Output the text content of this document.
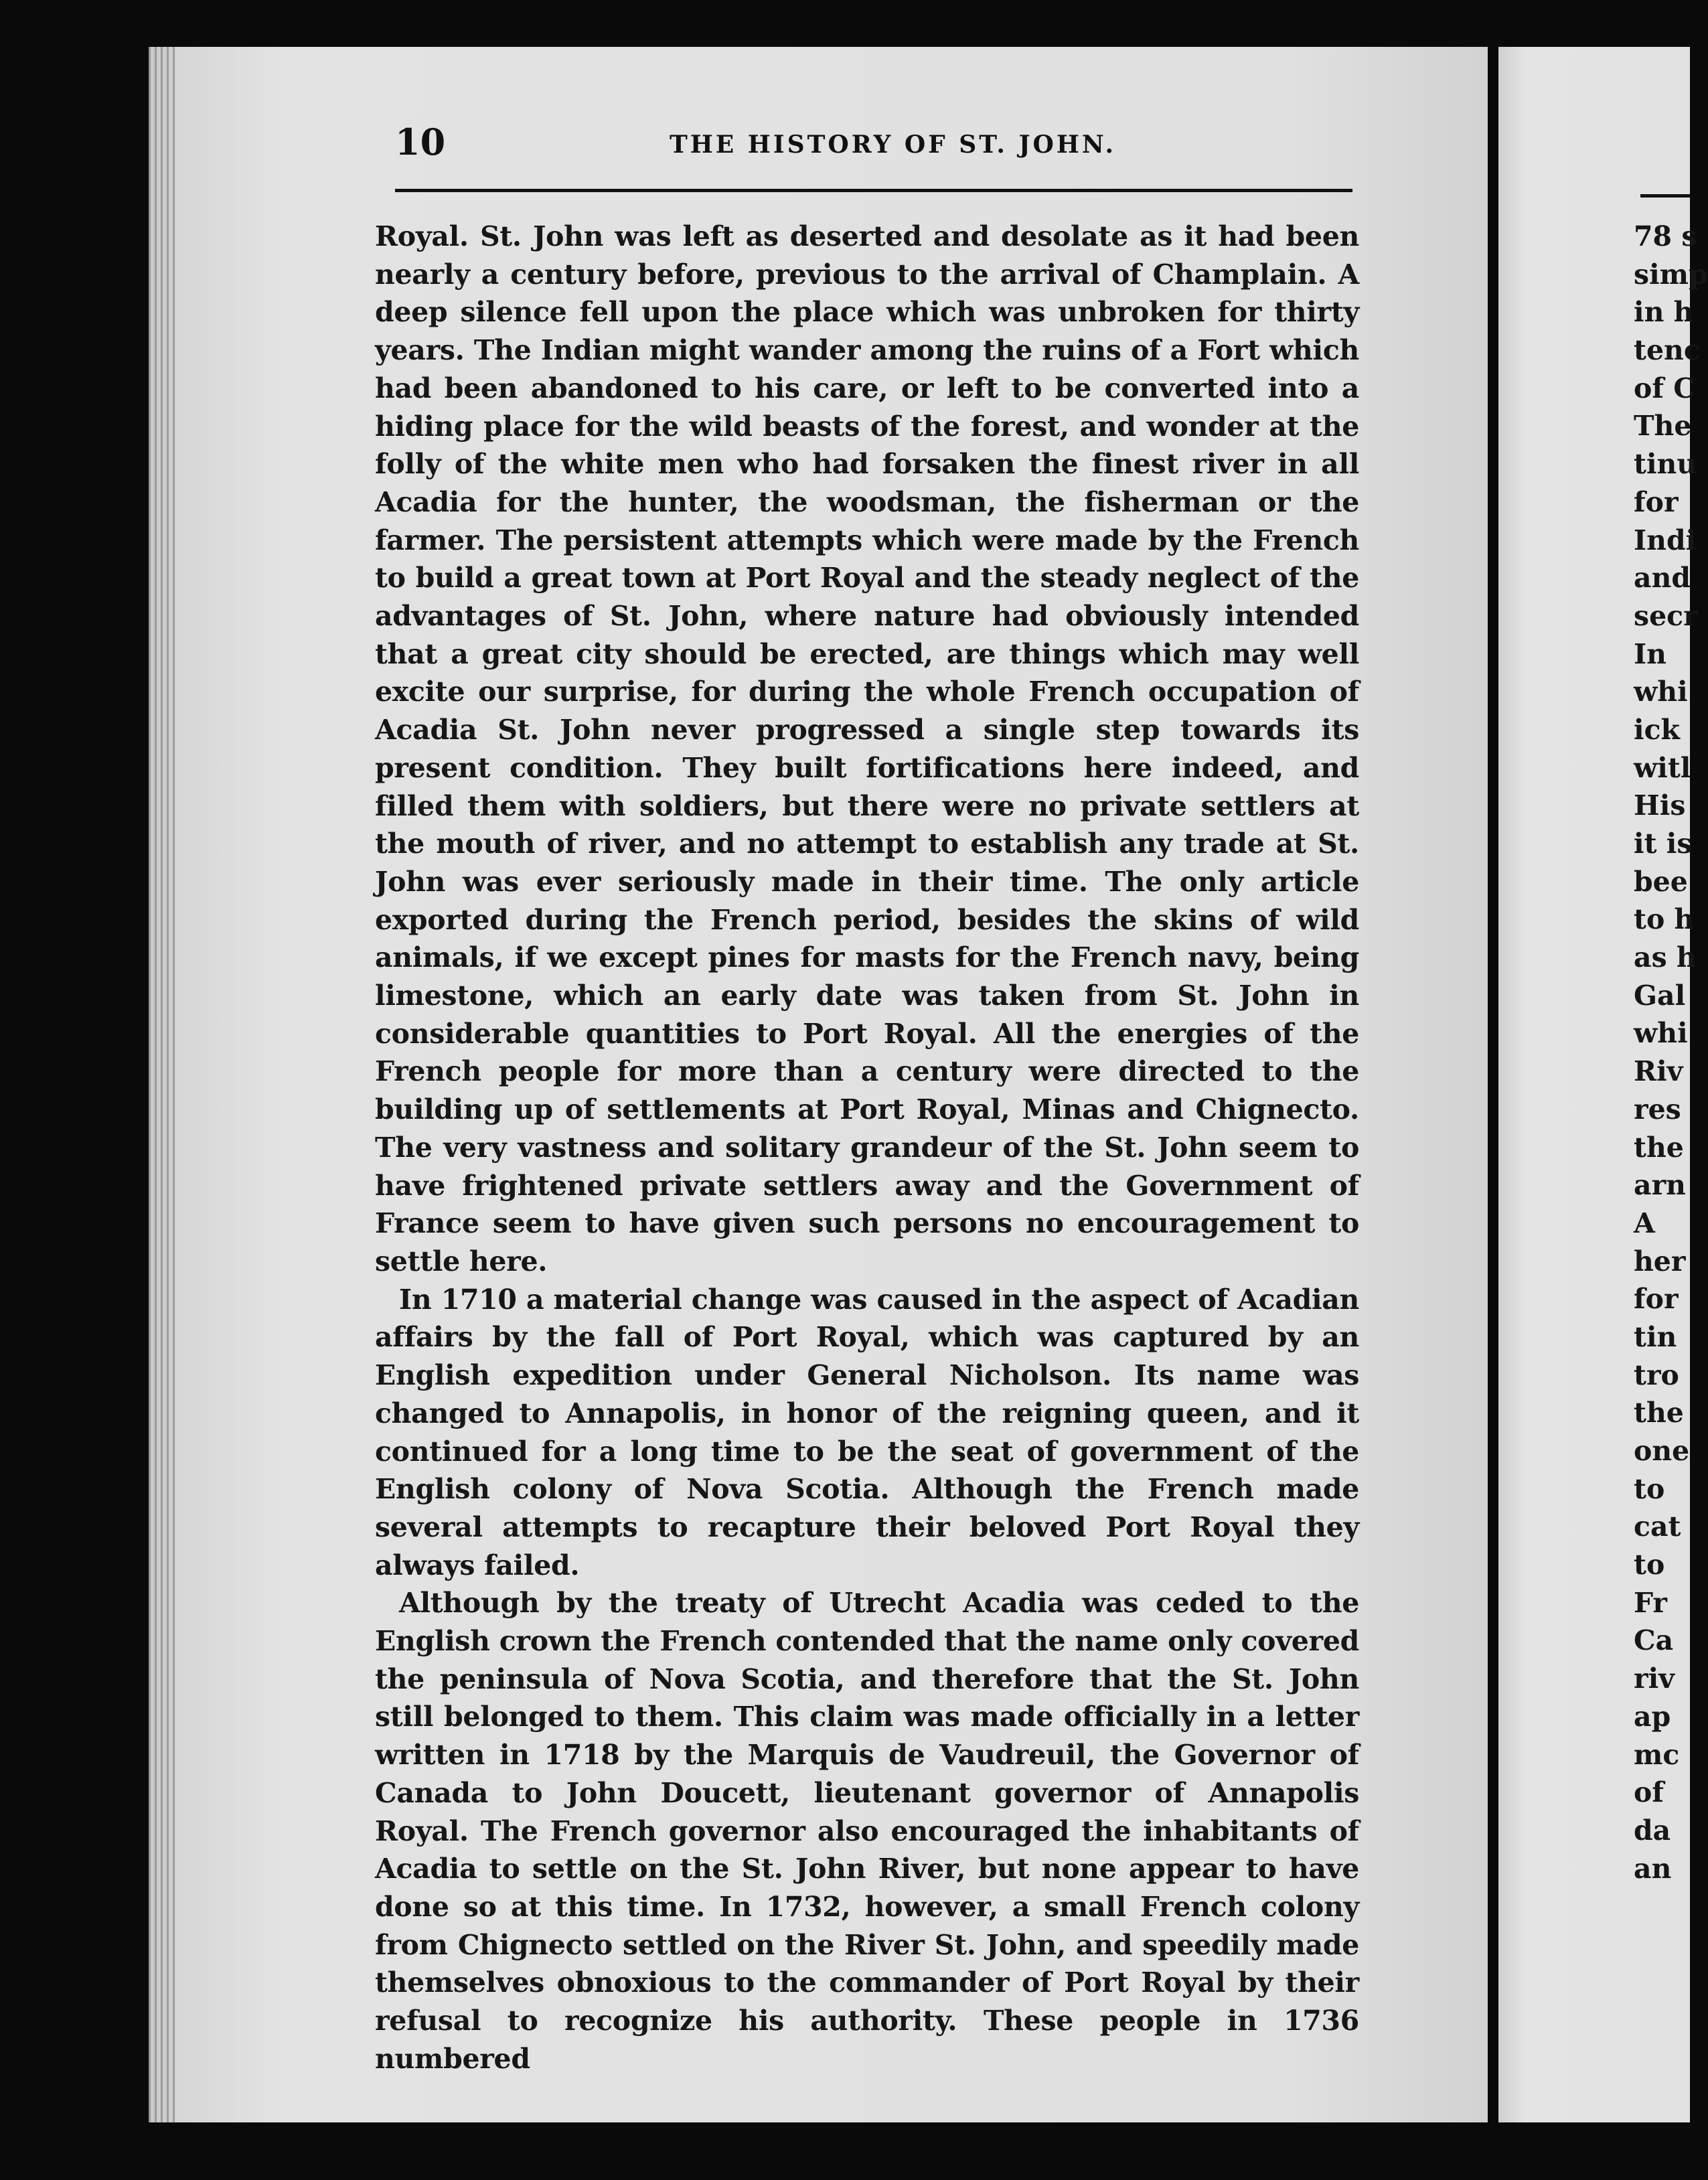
10	THE HISTORY OF ST. JOHN.

Royal. St. John was left as deserted and desolate as it had been nearly a century before, previous to the arrival of Champlain. A deep silence fell upon the place which was unbroken for thirty years. The Indian might wander among the ruins of a Fort which had been abandoned to his care, or left to be converted into a hiding place for the wild beasts of the forest, and wonder at the folly of the white men who had forsaken the finest river in all Acadia for the hunter, the woodsman, the fisherman or the farmer. The persistent attempts which were made by the French to build a great town at Port Royal and the steady neglect of the advantages of St. John, where nature had obviously intended that a great city should be erected, are things which may well excite our surprise, for during the whole French occupation of Acadia St. John never progressed a single step towards its present condition. They built fortifications here indeed, and filled them with soldiers, but there were no private settlers at the mouth of river, and no attempt to establish any trade at St. John was ever seriously made in their time. The only article exported during the French period, besides the skins of wild animals, if we except pines for masts for the French navy, being limestone, which an early date was taken from St. John in considerable quantities to Port Royal. All the energies of the French people for more than a century were directed to the building up of settlements at Port Royal, Minas and Chignecto. The very vastness and solitary grandeur of the St. John seem to have frightened private settlers away and the Government of France seem to have given such persons no encouragement to settle here.

In 1710 a material change was caused in the aspect of Acadian affairs by the fall of Port Royal, which was captured by an English expedition under General Nicholson. Its name was changed to Annapolis, in honor of the reigning queen, and it continued for a long time to be the seat of government of the English colony of Nova Scotia. Although the French made several attempts to recapture their beloved Port Royal they always failed.

Although by the treaty of Utrecht Acadia was ceded to the English crown the French contended that the name only covered the peninsula of Nova Scotia, and therefore that the St. John still belonged to them. This claim was made officially in a letter written in 1718 by the Marquis de Vaudreuil, the Governor of Canada to John Doucett, lieutenant governor of Annapolis Royal. The French governor also encouraged the inhabitants of Acadia to settle on the St. John River, but none appear to have done so at this time. In 1732, however, a small French colony from Chignecto settled on the River St. John, and speedily made themselves obnoxious to the commander of Port Royal by their refusal to recognize his authority. These people in 1736 numbered

78 s
simp
in h
tenc
of C
The
tinu
for
Indi
and
secr
In
whi
ick
witl
His
it is
bee
to h
as h
Gal
whi
Riv
res
the
arn
A
her
for
tin
tro
the
one
to
cat
to
Fr
Ca
riv
ap
mc
of
da
an
